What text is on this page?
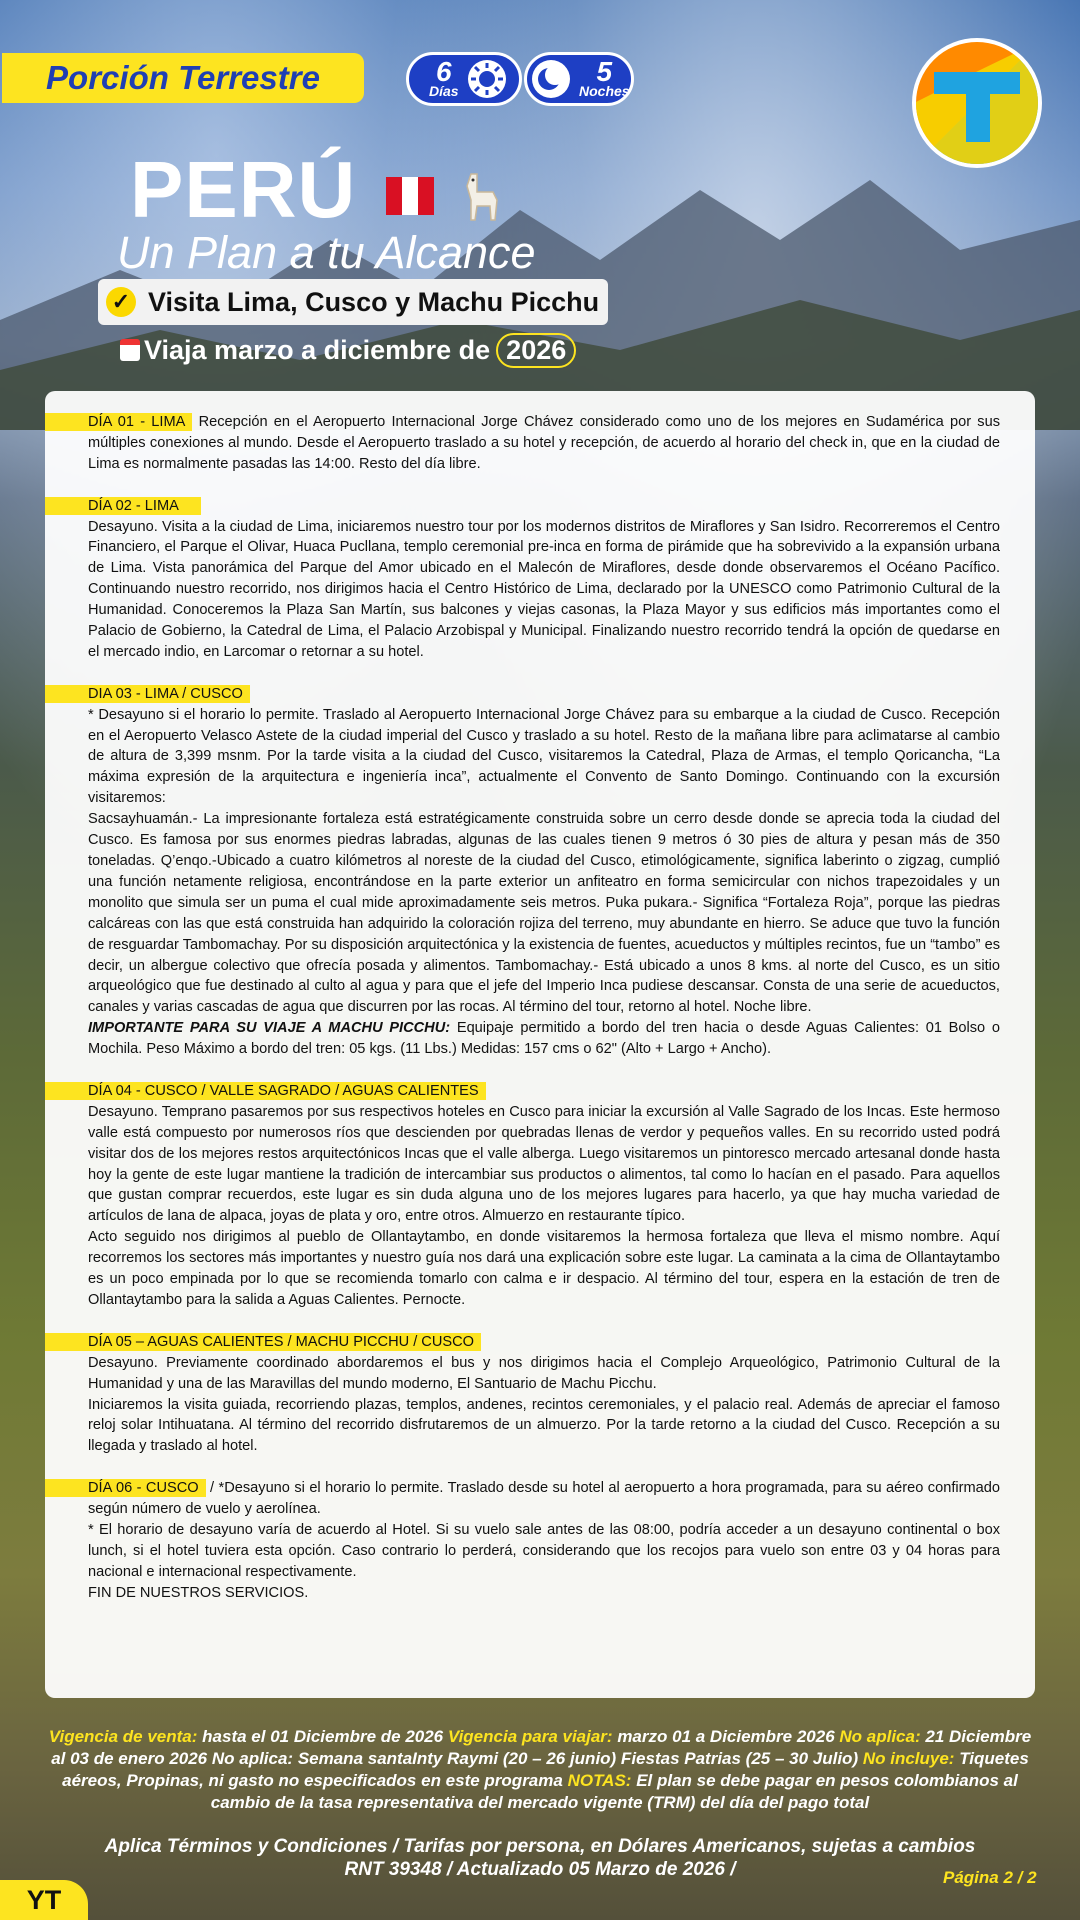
Porción Terrestre	6
Días
5
Noches
T
PERÚ
Un Plan a tu Alcance
✓ Visita Lima, Cusco y Machu Picchu
Viaja marzo a diciembre de 2026

DÍA 01 - LIMA Recepción en el Aeropuerto Internacional Jorge Chávez considerado como uno de los mejores en Sudamérica por sus múltiples conexiones al mundo. Desde el Aeropuerto traslado a su hotel y recepción, de acuerdo al horario del check in, que en la ciudad de Lima es normalmente pasadas las 14:00. Resto del día libre.

DÍA 02 - LIMA

Desayuno. Visita a la ciudad de Lima, iniciaremos nuestro tour por los modernos distritos de Miraflores y San Isidro. Recorreremos el Centro Financiero, el Parque el Olivar, Huaca Pucllana, templo ceremonial pre-inca en forma de pirámide que ha sobrevivido a la expansión urbana de Lima. Vista panorámica del Parque del Amor ubicado en el Malecón de Miraflores, desde donde observaremos el Océano Pacífico. Continuando nuestro recorrido, nos dirigimos hacia el Centro Histórico de Lima, declarado por la UNESCO como Patrimonio Cultural de la Humanidad. Conoceremos la Plaza San Martín, sus balcones y viejas casonas, la Plaza Mayor y sus edificios más importantes como el Palacio de Gobierno, la Catedral de Lima, el Palacio Arzobispal y Municipal. Finalizando nuestro recorrido tendrá la opción de quedarse en el mercado indio, en Larcomar o retornar a su hotel.

DIA 03 - LIMA / CUSCO

* Desayuno si el horario lo permite. Traslado al Aeropuerto Internacional Jorge Chávez para su embarque a la ciudad de Cusco. Recepción en el Aeropuerto Velasco Astete de la ciudad imperial del Cusco y traslado a su hotel. Resto de la mañana libre para aclimatarse al cambio de altura de 3,399 msnm. Por la tarde visita a la ciudad del Cusco, visitaremos la Catedral, Plaza de Armas, el templo Qoricancha, “La máxima expresión de la arquitectura e ingeniería inca”, actualmente el Convento de Santo Domingo. Continuando con la excursión visitaremos:

Sacsayhuamán.- La impresionante fortaleza está estratégicamente construida sobre un cerro desde donde se aprecia toda la ciudad del Cusco. Es famosa por sus enormes piedras labradas, algunas de las cuales tienen 9 metros ó 30 pies de altura y pesan más de 350 toneladas. Q’enqo.-Ubicado a cuatro kilómetros al noreste de la ciudad del Cusco, etimológicamente, significa laberinto o zigzag, cumplió una función netamente religiosa, encontrándose en la parte exterior un anfiteatro en forma semicircular con nichos trapezoidales y un monolito que simula ser un puma el cual mide aproximadamente seis metros. Puka pukara.- Significa “Fortaleza Roja”, porque las piedras calcáreas con las que está construida han adquirido la coloración rojiza del terreno, muy abundante en hierro. Se aduce que tuvo la función de resguardar Tambomachay. Por su disposición arquitectónica y la existencia de fuentes, acueductos y múltiples recintos, fue un “tambo” es decir, un albergue colectivo que ofrecía posada y alimentos. Tambomachay.- Está ubicado a unos 8 kms. al norte del Cusco, es un sitio arqueológico que fue destinado al culto al agua y para que el jefe del Imperio Inca pudiese descansar. Consta de una serie de acueductos, canales y varias cascadas de agua que discurren por las rocas. Al término del tour, retorno al hotel. Noche libre.

IMPORTANTE PARA SU VIAJE A MACHU PICCHU: Equipaje permitido a bordo del tren hacia o desde Aguas Calientes: 01 Bolso o Mochila. Peso Máximo a bordo del tren: 05 kgs. (11 Lbs.) Medidas: 157 cms o 62" (Alto + Largo + Ancho).

DÍA 04 - CUSCO / VALLE SAGRADO / AGUAS CALIENTES

Desayuno. Temprano pasaremos por sus respectivos hoteles en Cusco para iniciar la excursión al Valle Sagrado de los Incas. Este hermoso valle está compuesto por numerosos ríos que descienden por quebradas llenas de verdor y pequeños valles. En su recorrido usted podrá visitar dos de los mejores restos arquitectónicos Incas que el valle alberga. Luego visitaremos un pintoresco mercado artesanal donde hasta hoy la gente de este lugar mantiene la tradición de intercambiar sus productos o alimentos, tal como lo hacían en el pasado. Para aquellos que gustan comprar recuerdos, este lugar es sin duda alguna uno de los mejores lugares para hacerlo, ya que hay mucha variedad de artículos de lana de alpaca, joyas de plata y oro, entre otros. Almuerzo en restaurante típico.

Acto seguido nos dirigimos al pueblo de Ollantaytambo, en donde visitaremos la hermosa fortaleza que lleva el mismo nombre. Aquí recorremos los sectores más importantes y nuestro guía nos dará una explicación sobre este lugar. La caminata a la cima de Ollantaytambo es un poco empinada por lo que se recomienda tomarlo con calma e ir despacio. Al término del tour, espera en la estación de tren de Ollantaytambo para la salida a Aguas Calientes. Pernocte.

DÍA 05 – AGUAS CALIENTES / MACHU PICCHU / CUSCO

Desayuno. Previamente coordinado abordaremos el bus y nos dirigimos hacia el Complejo Arqueológico, Patrimonio Cultural de la Humanidad y una de las Maravillas del mundo moderno, El Santuario de Machu Picchu.

Iniciaremos la visita guiada, recorriendo plazas, templos, andenes, recintos ceremoniales, y el palacio real. Además de apreciar el famoso reloj solar Intihuatana. Al término del recorrido disfrutaremos de un almuerzo. Por la tarde retorno a la ciudad del Cusco. Recepción a su llegada y traslado al hotel.

DÍA 06 - CUSCO / *Desayuno si el horario lo permite. Traslado desde su hotel al aeropuerto a hora programada, para su aéreo confirmado según número de vuelo y aerolínea.

* El horario de desayuno varía de acuerdo al Hotel. Si su vuelo sale antes de las 08:00, podría acceder a un desayuno continental o box lunch, si el hotel tuviera esta opción. Caso contrario lo perderá, considerando que los recojos para vuelo son entre 03 y 04 horas para nacional e internacional respectivamente.

FIN DE NUESTROS SERVICIOS.

Vigencia de venta: hasta el 01 Diciembre de 2026 Vigencia para viajar: marzo 01 a Diciembre 2026 No aplica: 21 Diciembre al 03 de enero 2026 No aplica: Semana santaInty Raymi (20 – 26 junio) Fiestas Patrias (25 – 30 Julio) No incluye: Tiquetes aéreos, Propinas, ni gasto no especificados en este programa NOTAS: El plan se debe pagar en pesos colombianos al cambio de la tasa representativa del mercado vigente (TRM) del día del pago total
Aplica Términos y Condiciones / Tarifas por persona, en Dólares Americanos, sujetas a cambios
RNT 39348 / Actualizado 05 Marzo de 2026 /	Página 2 / 2
YT
